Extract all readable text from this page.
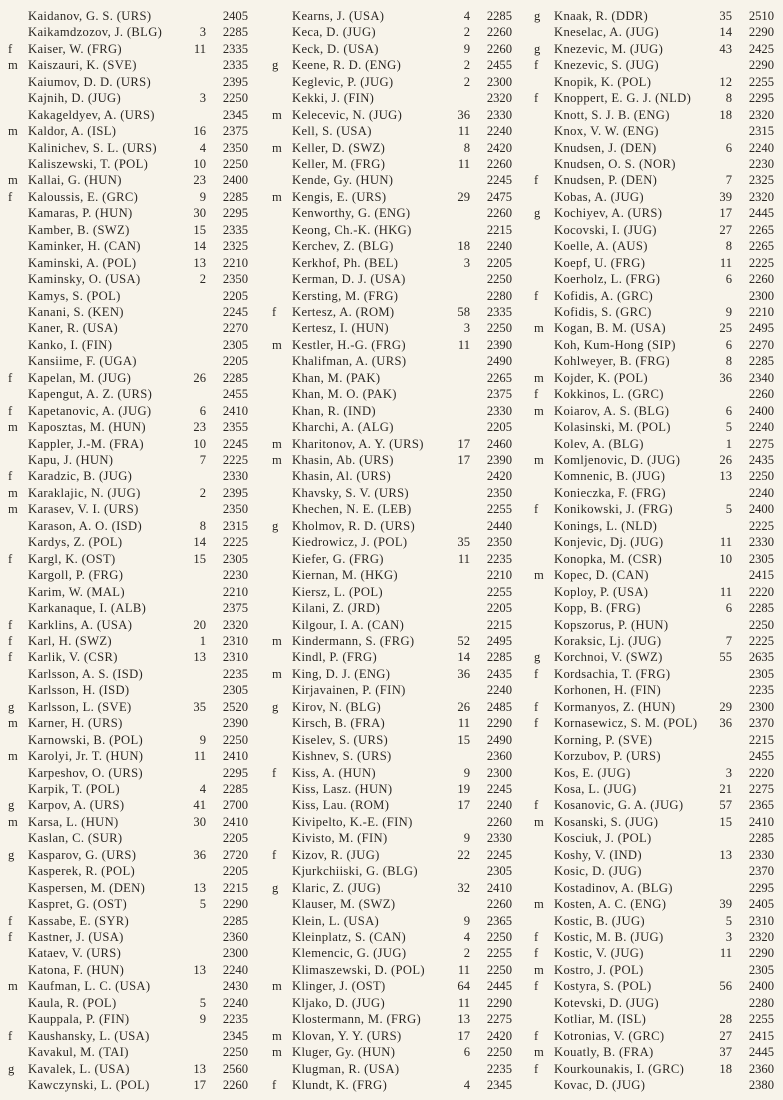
Kaidanov, G. S. (URS)	2405
Kaikamdzozov, J. (BLG)	3 2285
f	Kaiser, W. (FRG)	11 2335
m Kaiszauri, K. (SVE)	2335
Kaiumov, D. D. (URS)	2395
Kajnih, D. (JUG)	3 2250
Kakageldyev, A. (URS)	2345
m Kaldor, A. (ISL)	16 2375
Kalinichev, S. L. (URS)	4 2350
Kaliszewski, T. (POL)	10 2250
m Kallai, G. (HUN)	23 2400
f	Kaloussis, E. (GRC)	9 2285
Kamaras, P. (HUN)	30 2295
Kamber, B. (SWZ)	15 2335
Kaminker, H. (CAN)	14 2325
Kaminski, A. (POL)	13 2210
Kaminsky, O. (USA)	2 2350
Kamys, S. (POL)	2205
Kanani, S. (KEN)	2245
Kaner, R. (USA)	2270
Kanko, I. (FIN)	2305
Kansiime, F. (UGA)	2205
f	Kapelan, M. (JUG)	26 2285
Kapengut, A. Z. (URS)	2455
f	Kapetanovic, A. (JUG)	6 2410
m Kaposztas, M. (HUN)	23 2355
Kappler, J.-M. (FRA)	10 2245
Kapu, J. (HUN)	7 2225
f	Karadzic, B. (JUG)	2330
m Karaklajic, N. (JUG)	2 2395
m Karasev, V. I. (URS)	2350
Karason, A. O. (ISD)	8 2315
Kardys, Z. (POL)	14 2225
f	Kargl, K. (OST)	15 2305
Kargoll, P. (FRG)	2230
Karim, W. (MAL)	2210
Karkanaque, I. (ALB)	2375
f	Karklins, A. (USA)	20 2320
f	Karl, H. (SWZ)	1 2310
f	Karlik, V. (CSR)	13 2310
Karlsson, A. S. (ISD)	2235
Karlsson, H. (ISD)	2305
g	Karlsson, L. (SVE)	35 2520
m Karner, H. (URS)	2390
Karnowski, B. (POL)	9 2250
m Karolyi, Jr. T. (HUN)	11 2410
Karpeshov, O. (URS)	2295
Karpik, T. (POL)	4 2285
g	Karpov, A. (URS)	41 2700
m Karsa, L. (HUN)	30 2410
Kaslan, C. (SUR)	2205
g	Kasparov, G. (URS)	36 2720
Kasperek, R. (POL)	2205
Kaspersen, M. (DEN)	13 2215
Kaspret, G. (OST)	5 2290
f	Kassabe, E. (SYR)	2285
f	Kastner, J. (USA)	2360
Kataev, V. (URS)	2300
Katona, F. (HUN)	13 2240
m Kaufman, L. C. (USA)	2430
Kaula, R. (POL)	5 2240
Kauppala, P. (FIN)	9 2235
f	Kaushansky, L. (USA)	2345
Kavakul, M. (TAI)	2250
g	Kavalek, L. (USA)	13 2560
Kawczynski, L. (POL)	17 2260
Kearns, J. (USA)	4 2285
Keca, D. (JUG)	2 2260
Keck, D. (USA)	9 2260
g	Keene, R. D. (ENG)	2 2455
Keglevic, P. (JUG)	2 2300
Kekki, J. (FIN)	2320
m Kelecevic, N. (JUG)	36 2330
Kell, S. (USA)	11 2240
m Keller, D. (SWZ)	8 2420
Keller, M. (FRG)	11 2260
Kende, Gy. (HUN)	2245
m Kengis, E. (URS)	29 2475
Kenworthy, G. (ENG)	2260
Keong, Ch.-K. (HKG)	2215
Kerchev, Z. (BLG)	18 2240
Kerkhof, Ph. (BEL)	3 2205
Kerman, D. J. (USA)	2250
Kersting, M. (FRG)	2280
f	Kertesz, A. (ROM)	58 2335
Kertesz, I. (HUN)	3 2250
m Kestler, H.-G. (FRG)	11 2390
Khalifman, A. (URS)	2490
Khan, M. (PAK)	2265
Khan, M. O. (PAK)	2375
Khan, R. (IND)	2330
Kharchi, A. (ALG)	2205
m Kharitonov, A. Y. (URS)	17 2460
m Khasin, Ab. (URS)	17 2390
Khasin, Al. (URS)	2420
Khavsky, S. V. (URS)	2350
Khechen, N. E. (LEB)	2255
g	Kholmov, R. D. (URS)	2440
Kiedrowicz, J. (POL)	35 2350
Kiefer, G. (FRG)	11 2235
Kiernan, M. (HKG)	2210
Kiersz, L. (POL)	2255
Kilani, Z. (JRD)	2205
Kilgour, I. A. (CAN)	2215
m Kindermann, S. (FRG)	52 2495
Kindl, P. (FRG)	14 2285
m King, D. J. (ENG)	36 2435
Kirjavainen, P. (FIN)	2240
g	Kirov, N. (BLG)	26 2485
Kirsch, B. (FRA)	11 2290
Kiselev, S. (URS)	15 2490
Kishnev, S. (URS)	2360
f	Kiss, A. (HUN)	9 2300
Kiss, Lasz. (HUN)	19 2245
Kiss, Lau. (ROM)	17 2240
Kivipelto, K.-E. (FIN)	2260
Kivisto, M. (FIN)	9 2330
f	Kizov, R. (JUG)	22 2245
Kjurkchiiski, G. (BLG)	2305
g	Klaric, Z. (JUG)	32 2410
Klauser, M. (SWZ)	2260
Klein, L. (USA)	9 2365
Kleinplatz, S. (CAN)	4 2250
Klemencic, G. (JUG)	2 2255
Klimaszewski, D. (POL)	11 2250
m Klinger, J. (OST)	64 2445
Kljako, D. (JUG)	11 2290
Klostermann, M. (FRG)	13 2275
m Klovan, Y. Y. (URS)	17 2420
m Kluger, Gy. (HUN)	6 2250
Klugman, R. (USA)	2235
f	Klundt, K. (FRG)	4 2345
g	Knaak, R. (DDR)	35 2510
Kneselac, A. (JUG)	14 2290
g	Knezevic, M. (JUG)	43 2425
f	Knezevic, S. (JUG)	2290
Knopik, K. (POL)	12 2255
f	Knoppert, E. G. J. (NLD)	8 2295
Knott, S. J. B. (ENG)	18 2320
Knox, V. W. (ENG)	2315
Knudsen, J. (DEN)	6 2240
Knudsen, O. S. (NOR)	2230
f	Knudsen, P. (DEN)	7 2325
Kobas, A. (JUG)	39 2320
g	Kochiyev, A. (URS)	17 2445
Kocovski, I. (JUG)	27 2265
Koelle, A. (AUS)	8 2265
Koepf, U. (FRG)	11 2225
Koerholz, L. (FRG)	6 2260
f	Kofidis, A. (GRC)	2300
Kofidis, S. (GRC)	9 2210
m Kogan, B. M. (USA)	25 2495
Koh, Kum-Hong (SIP)	6 2270
Kohlweyer, B. (FRG)	8 2285
m Kojder, K. (POL)	36 2340
f	Kokkinos, L. (GRC)	2260
m Koiarov, A. S. (BLG)	6 2400
Kolasinski, M. (POL)	5 2240
Kolev, A. (BLG)	1 2275
m Komljenovic, D. (JUG)	26 2435
Komnenic, B. (JUG)	13 2250
Konieczka, F. (FRG)	2240
f	Konikowski, J. (FRG)	5 2400
Konings, L. (NLD)	2225
Konjevic, Dj. (JUG)	11 2330
Konopka, M. (CSR)	10 2305
m Kopec, D. (CAN)	2415
Koploy, P. (USA)	11 2220
Kopp, B. (FRG)	6 2285
Kopszorus, P. (HUN)	2250
Koraksic, Lj. (JUG)	7 2225
g	Korchnoi, V. (SWZ)	55 2635
f	Kordsachia, T. (FRG)	2305
Korhonen, H. (FIN)	2235
f	Kormanyos, Z. (HUN)	29 2300
f	Kornasewicz, S. M. (POL) 36 2370
Korning, P. (SVE)	2215
Korzubov, P. (URS)	2455
Kos, E. (JUG)	3 2220
Kosa, L. (JUG)	21 2275
f	Kosanovic, G. A. (JUG)	57 2365
m Kosanski, S. (JUG)	15 2410
Kosciuk, J. (POL)	2285
Koshy, V. (IND)	13 2330
Kosic, D. (JUG)	2370
Kostadinov, A. (BLG)	2295
m Kosten, A. C. (ENG)	39 2405
Kostic, B. (JUG)	5 2310
f	Kostic, M. B. (JUG)	3 2320
f	Kostic, V. (JUG)	11 2290
m Kostro, J. (POL)	2305
f	Kostyra, S. (POL)	56 2400
Kotevski, D. (JUG)	2280
Kotliar, M. (ISL)	28 2255
f	Kotronias, V. (GRC)	27 2415
m Kouatly, B. (FRA)	37 2445
f	Kourkounakis, I. (GRC)	18 2360
Kovac, D. (JUG)	2380
